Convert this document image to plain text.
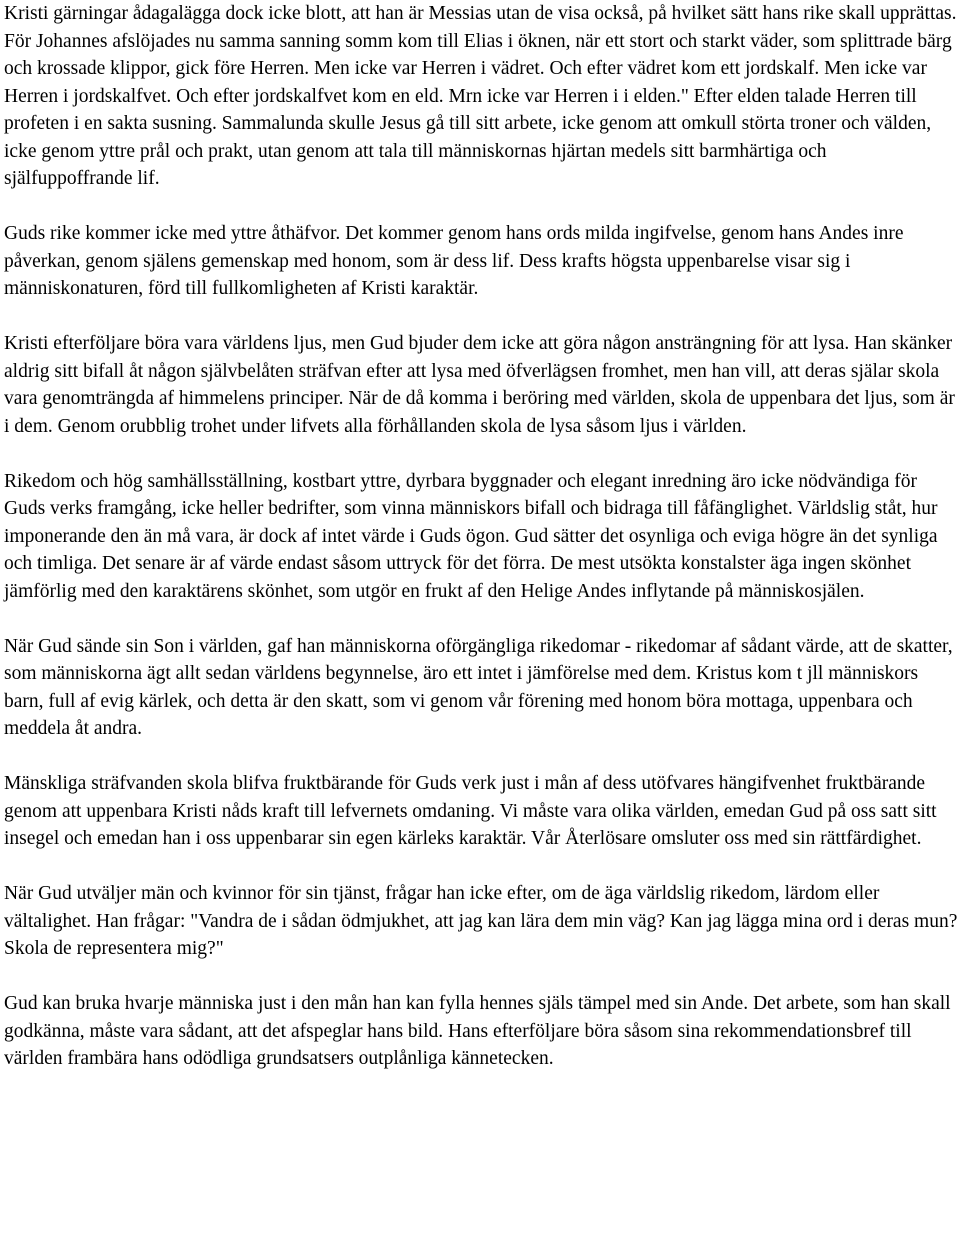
Kristi gärningar ådagalägga dock icke blott, att han är Messias utan de visa också, på hvilket sätt hans rike skall upprättas. För Johannes afslöjades nu samma sanning somm kom till Elias i öknen, när ett stort och starkt väder, som splittrade bärg och krossade klippor, gick före Herren. Men icke var Herren i vädret. Och efter vädret kom ett jordskalf. Men icke var Herren i jordskalfvet. Och efter jordskalfvet kom en eld. Mrn icke var Herren i i elden." Efter elden talade Herren till profeten i en sakta susning. Sammalunda skulle Jesus gå till sitt arbete, icke genom att omkull störta troner och välden, icke genom yttre prål och prakt, utan genom att tala till människornas hjärtan medels sitt barmhärtiga och själfuppoffrande lif.

Guds rike kommer icke med yttre åthäfvor. Det kommer genom hans ords milda ingifvelse, genom hans Andes inre påverkan, genom själens gemenskap med honom, som är dess lif. Dess krafts högsta uppenbarelse visar sig i människonaturen, förd till fullkomligheten af Kristi karaktär.

Kristi efterföljare böra vara världens ljus, men Gud bjuder dem icke att göra någon ansträngning för att lysa. Han skänker aldrig sitt bifall åt någon självbelåten sträfvan efter att lysa med öfverlägsen fromhet, men han vill, att deras själar skola vara genomträngda af himmelens principer. När de då komma i beröring med världen, skola de uppenbara det ljus, som är i dem. Genom orubblig trohet under lifvets alla förhållanden skola de lysa såsom ljus i världen.

Rikedom och hög samhällsställning, kostbart yttre, dyrbara byggnader och elegant inredning äro icke nödvändiga för Guds verks framgång, icke heller bedrifter, som vinna människors bifall och bidraga till fåfänglighet. Världslig ståt, hur imponerande den än må vara, är dock af intet värde i Guds ögon. Gud sätter det osynliga och eviga högre än det synliga och timliga. Det senare är af värde endast såsom uttryck för det förra. De mest utsökta konstalster äga ingen skönhet jämförlig med den karaktärens skönhet, som utgör en frukt af den Helige Andes inflytande på människosjälen.

När Gud sände sin Son i världen, gaf han människorna oförgängliga rikedomar - rikedomar af sådant värde, att de skatter, som människorna ägt allt sedan världens begynnelse, äro ett intet i jämförelse med dem. Kristus kom t jll människors barn, full af evig kärlek, och detta är den skatt, som vi genom vår förening med honom böra mottaga, uppenbara och meddela åt andra.

Mänskliga sträfvanden skola blifva fruktbärande för Guds verk just i mån af dess utöfvares hängifvenhet fruktbärande genom att uppenbara Kristi nåds kraft till lefvernets omdaning. Vi måste vara olika världen, emedan Gud på oss satt sitt insegel och emedan han i oss uppenbarar sin egen kärleks karaktär. Vår Återlösare omsluter oss med sin rättfärdighet.

När Gud utväljer män och kvinnor för sin tjänst, frågar han icke efter, om de äga världslig rikedom, lärdom eller vältalighet. Han frågar: "Vandra de i sådan ödmjukhet, att jag kan lära dem min väg? Kan jag lägga mina ord i deras mun? Skola de representera mig?"

Gud kan bruka hvarje människa just i den mån han kan fylla hennes själs tämpel med sin Ande. Det arbete, som han skall godkänna, måste vara sådant, att det afspeglar hans bild. Hans efterföljare böra såsom sina rekommendationsbref till världen frambära hans odödliga grundsatsers outplånliga kännetecken.
